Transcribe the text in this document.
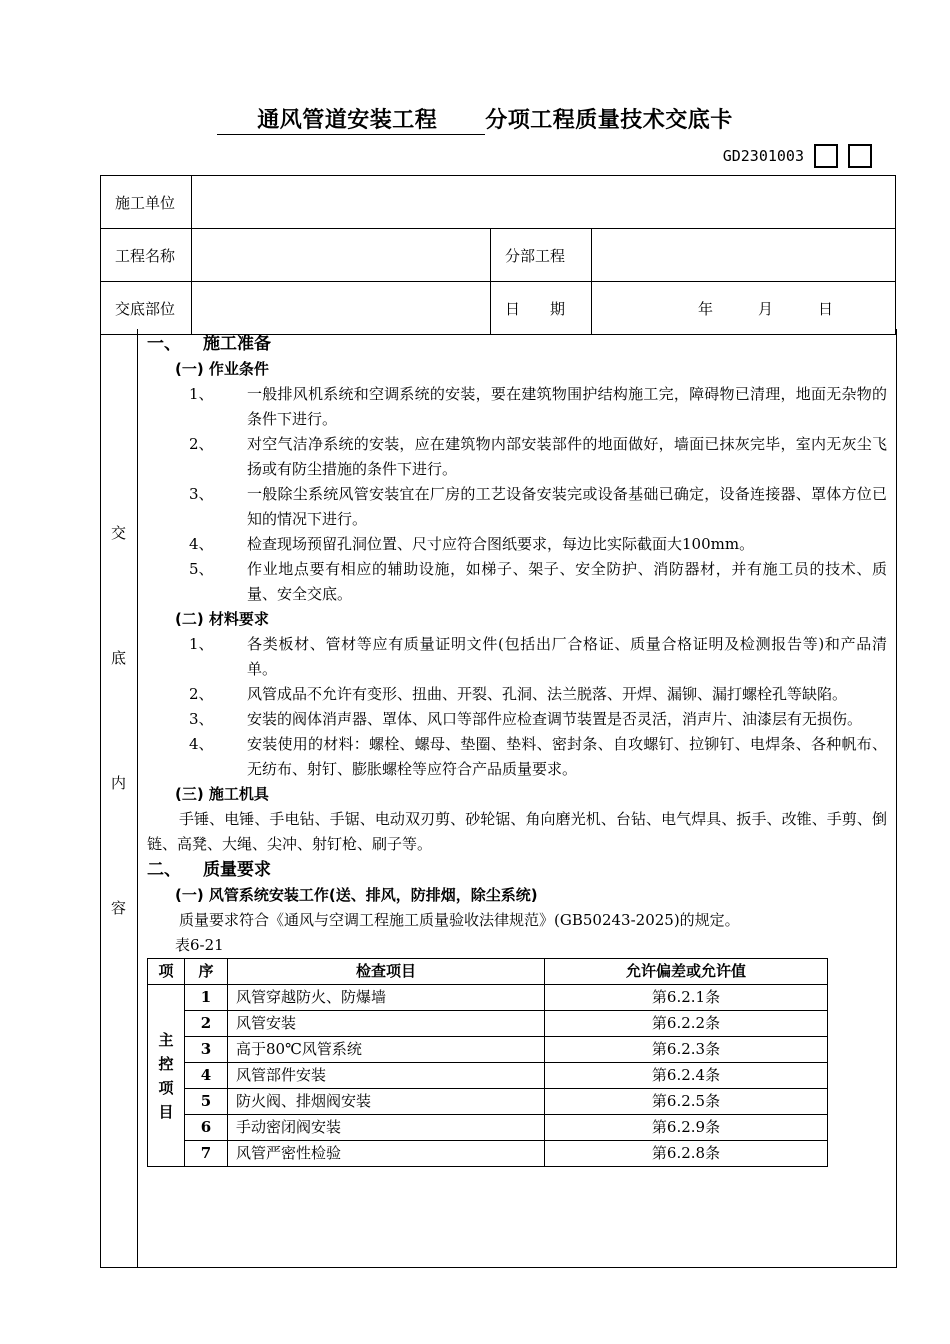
通风管道安装工程 分项工程质量技术交底卡
GD2301003
施工单位			
工程名称		分部工程	
交底部位		日　　期	年　　　月　　　日
交
底
内
容
一、 施工准备
(一) 作业条件
1、	一般排风机系统和空调系统的安装，要在建筑物围护结构施工完，障碍物已清理，地面无杂物的条件下进行。
2、	对空气洁净系统的安装，应在建筑物内部安装部件的地面做好，墙面已抹灰完毕，室内无灰尘飞扬或有防尘措施的条件下进行。
3、	一般除尘系统风管安装宜在厂房的工艺设备安装完或设备基础已确定，设备连接器、罩体方位已知的情况下进行。
4、	检查现场预留孔洞位置、尺寸应符合图纸要求，每边比实际截面大100mm。
5、	作业地点要有相应的辅助设施，如梯子、架子、安全防护、消防器材，并有施工员的技术、质量、安全交底。
(二) 材料要求
1、	各类板材、管材等应有质量证明文件(包括出厂合格证、质量合格证明及检测报告等)和产品清单。
2、	风管成品不允许有变形、扭曲、开裂、孔洞、法兰脱落、开焊、漏铆、漏打螺栓孔等缺陷。
3、	安装的阀体消声器、罩体、风口等部件应检查调节装置是否灵活，消声片、油漆层有无损伤。
4、	安装使用的材料：螺栓、螺母、垫圈、垫料、密封条、自攻螺钉、拉铆钉、电焊条、各种帆布、无纺布、射钉、膨胀螺栓等应符合产品质量要求。
(三) 施工机具
手锤、电锤、手电钻、手锯、电动双刃剪、砂轮锯、角向磨光机、台钻、电气焊具、扳手、改锥、手剪、倒链、高凳、大绳、尖冲、射钉枪、刷子等。
二、 质量要求
(一) 风管系统安装工作(送、排风，防排烟，除尘系统)
质量要求符合《通风与空调工程施工质量验收法律规范》(GB50243-2025)的规定。
表6-21
项	序	检查项目	允许偏差或允许值
主
控
项
目	1	风管穿越防火、防爆墙	第6.2.1条
	2	风管安装	第6.2.2条
	3	高于80℃风管系统	第6.2.3条
	4	风管部件安装	第6.2.4条
	5	防火阀、排烟阀安装	第6.2.5条
	6	手动密闭阀安装	第6.2.9条
	7	风管严密性检验	第6.2.8条
